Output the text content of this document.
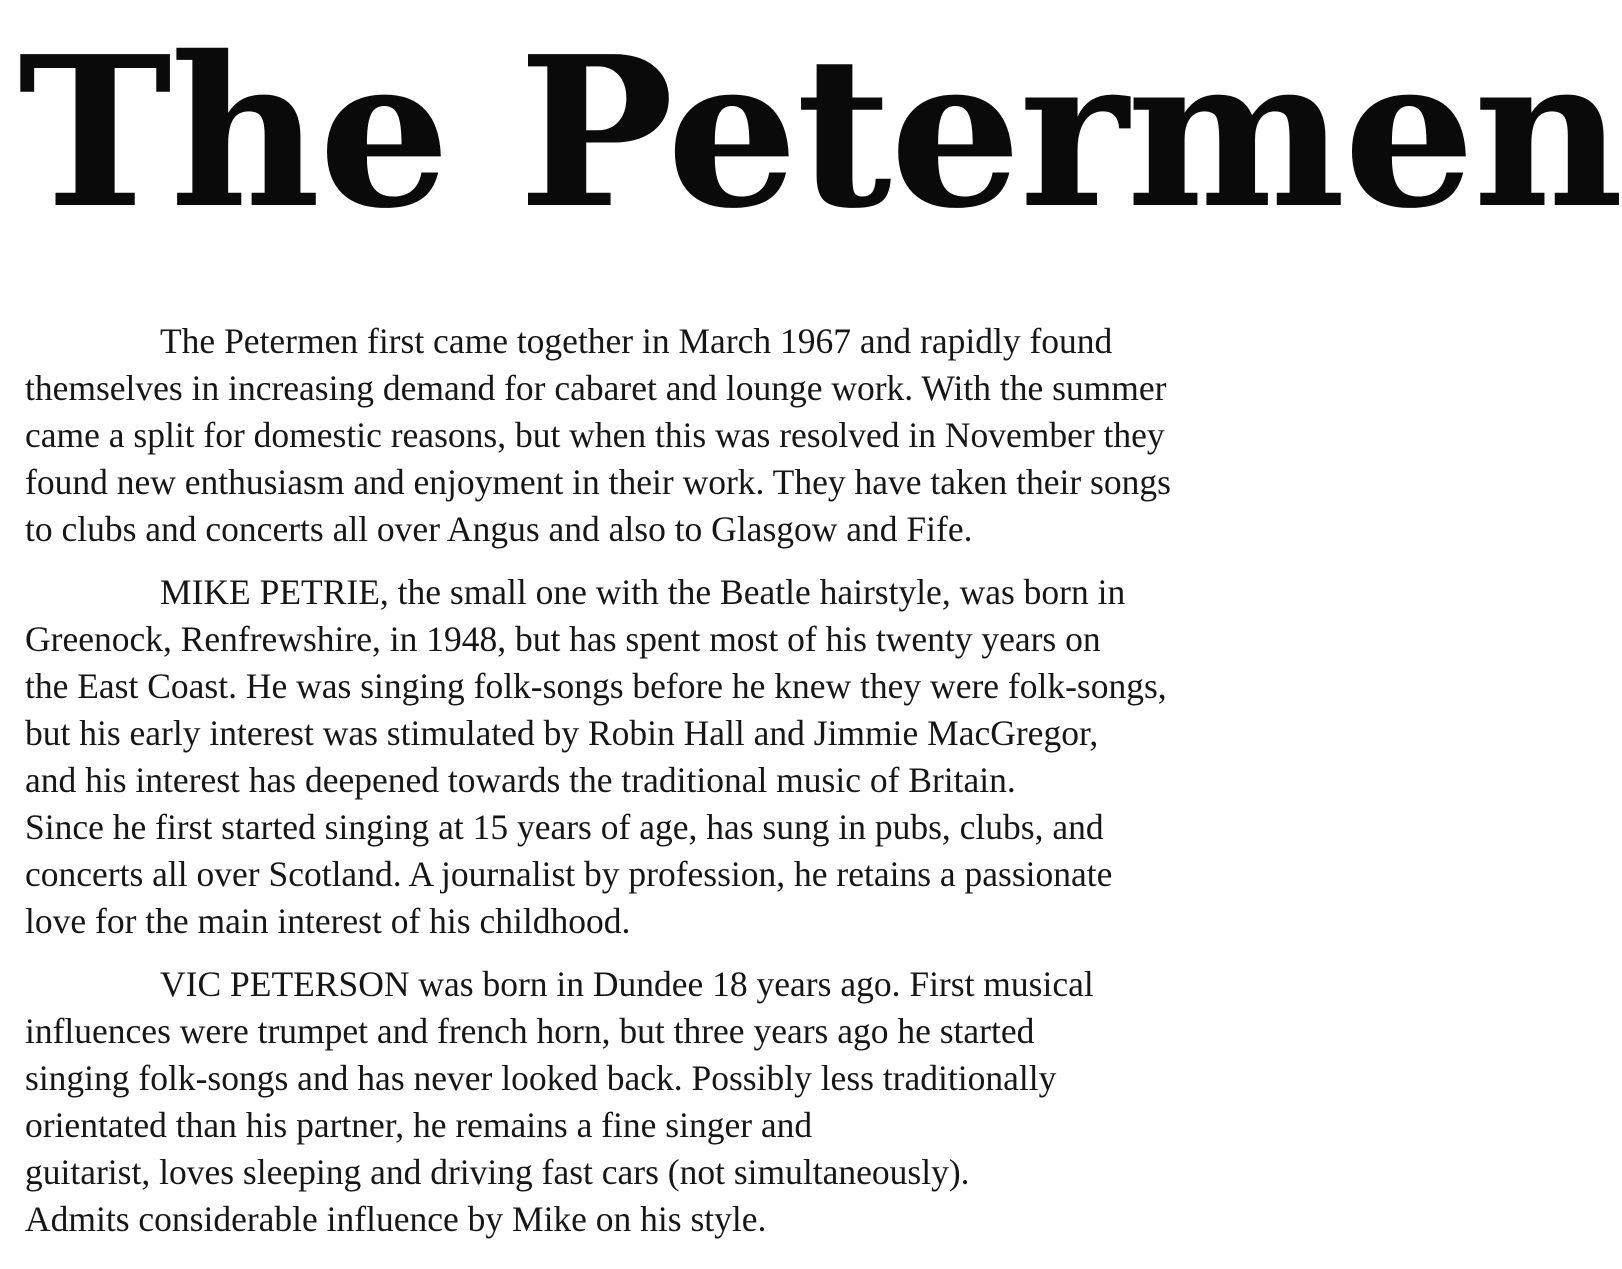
The Petermen

The Petermen first came together in March 1967 and rapidly found
themselves in increasing demand for cabaret and lounge work. With the summer
came a split for domestic reasons, but when this was resolved in November they
found new enthusiasm and enjoyment in their work. They have taken their songs
to clubs and concerts all over Angus and also to Glasgow and Fife.

MIKE PETRIE, the small one with the Beatle hairstyle, was born in
Greenock, Renfrewshire, in 1948, but has spent most of his twenty years on
the East Coast. He was singing folk-songs before he knew they were folk-songs,
but his early interest was stimulated by Robin Hall and Jimmie MacGregor,
and his interest has deepened towards the traditional music of Britain.
Since he first started singing at 15 years of age, has sung in pubs, clubs, and
concerts all over Scotland. A journalist by profession, he retains a passionate
love for the main interest of his childhood.

VIC PETERSON was born in Dundee 18 years ago. First musical
influences were trumpet and french horn, but three years ago he started
singing folk-songs and has never looked back. Possibly less traditionally
orientated than his partner, he remains a fine singer and
guitarist, loves sleeping and driving fast cars (not simultaneously).
Admits considerable influence by Mike on his style.
